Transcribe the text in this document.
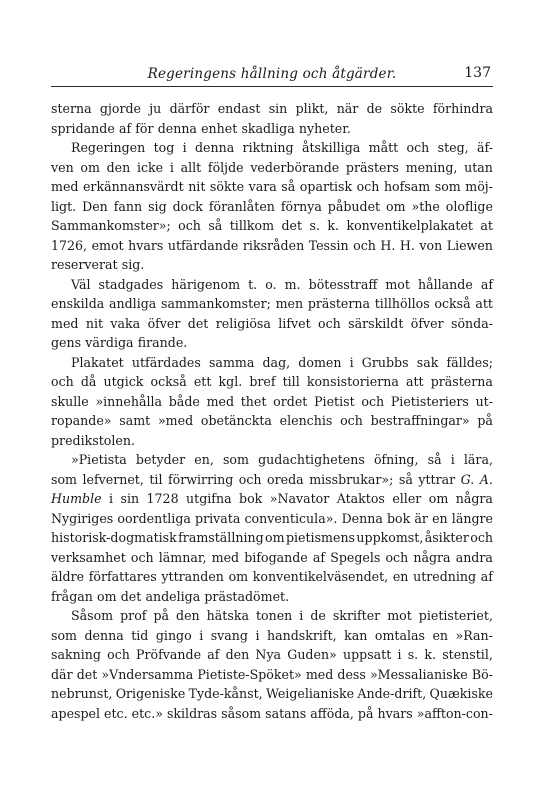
Regeringens hållning och åtgärder.	137
sterna gjorde ju därför endast sin plikt, när de sökte förhindra
spridande af för denna enhet skadliga nyheter.
Regeringen tog i denna riktning åtskilliga mått och steg, äf-
ven om den icke i allt följde vederbörande prästers mening, utan
med erkännansvärdt nit sökte vara så opartisk och hofsam som möj-
ligt. Den fann sig dock föranlåten förnya påbudet om »the oloflige
Sammankomster»; och så tillkom det s. k. konventikelplakatet at
1726, emot hvars utfärdande riksråden Tessin och H. H. von Liewen
reserverat sig.
Väl stadgades härigenom t. o. m. bötesstraff mot hållande af
enskilda andliga sammankomster; men prästerna tillhöllos också att
med nit vaka öfver det religiösa lifvet och särskildt öfver sönda-
gens värdiga firande.
Plakatet utfärdades samma dag, domen i Grubbs sak fälldes;
och då utgick också ett kgl. bref till konsistorierna att prästerna
skulle »innehålla både med thet ordet Pietist och Pietisteriers ut-
ropande» samt »med obetänckta elenchis och bestraffningar» på
predikstolen.
»Pietista betyder en, som gudachtighetens öfning, så i lära,
som lefvernet, til förwirring och oreda missbrukar»; så yttrar G. A.
Humble i sin 1728 utgifna bok »Navator Ataktos eller om några
Nygiriges oordentliga privata conventicula». Denna bok är en längre
historisk-dogmatisk framställning om pietismens uppkomst, åsikter och
verksamhet och lämnar, med bifogande af Spegels och några andra
äldre författares yttranden om konventikelväsendet, en utredning af
frågan om det andeliga prästadömet.
Såsom prof på den hätska tonen i de skrifter mot pietisteriet,
som denna tid gingo i svang i handskrift, kan omtalas en »Ran-
sakning och Pröfvande af den Nya Guden» uppsatt i s. k. stenstil,
där det »Vndersamma Pietiste-Spöket» med dess »Messalianiske Bö-
nebrunst, Origeniske Tyde-kånst, Weigelianiske Ande-drift, Quækiske
apespel etc. etc.» skildras såsom satans afföda, på hvars »affton-con-
